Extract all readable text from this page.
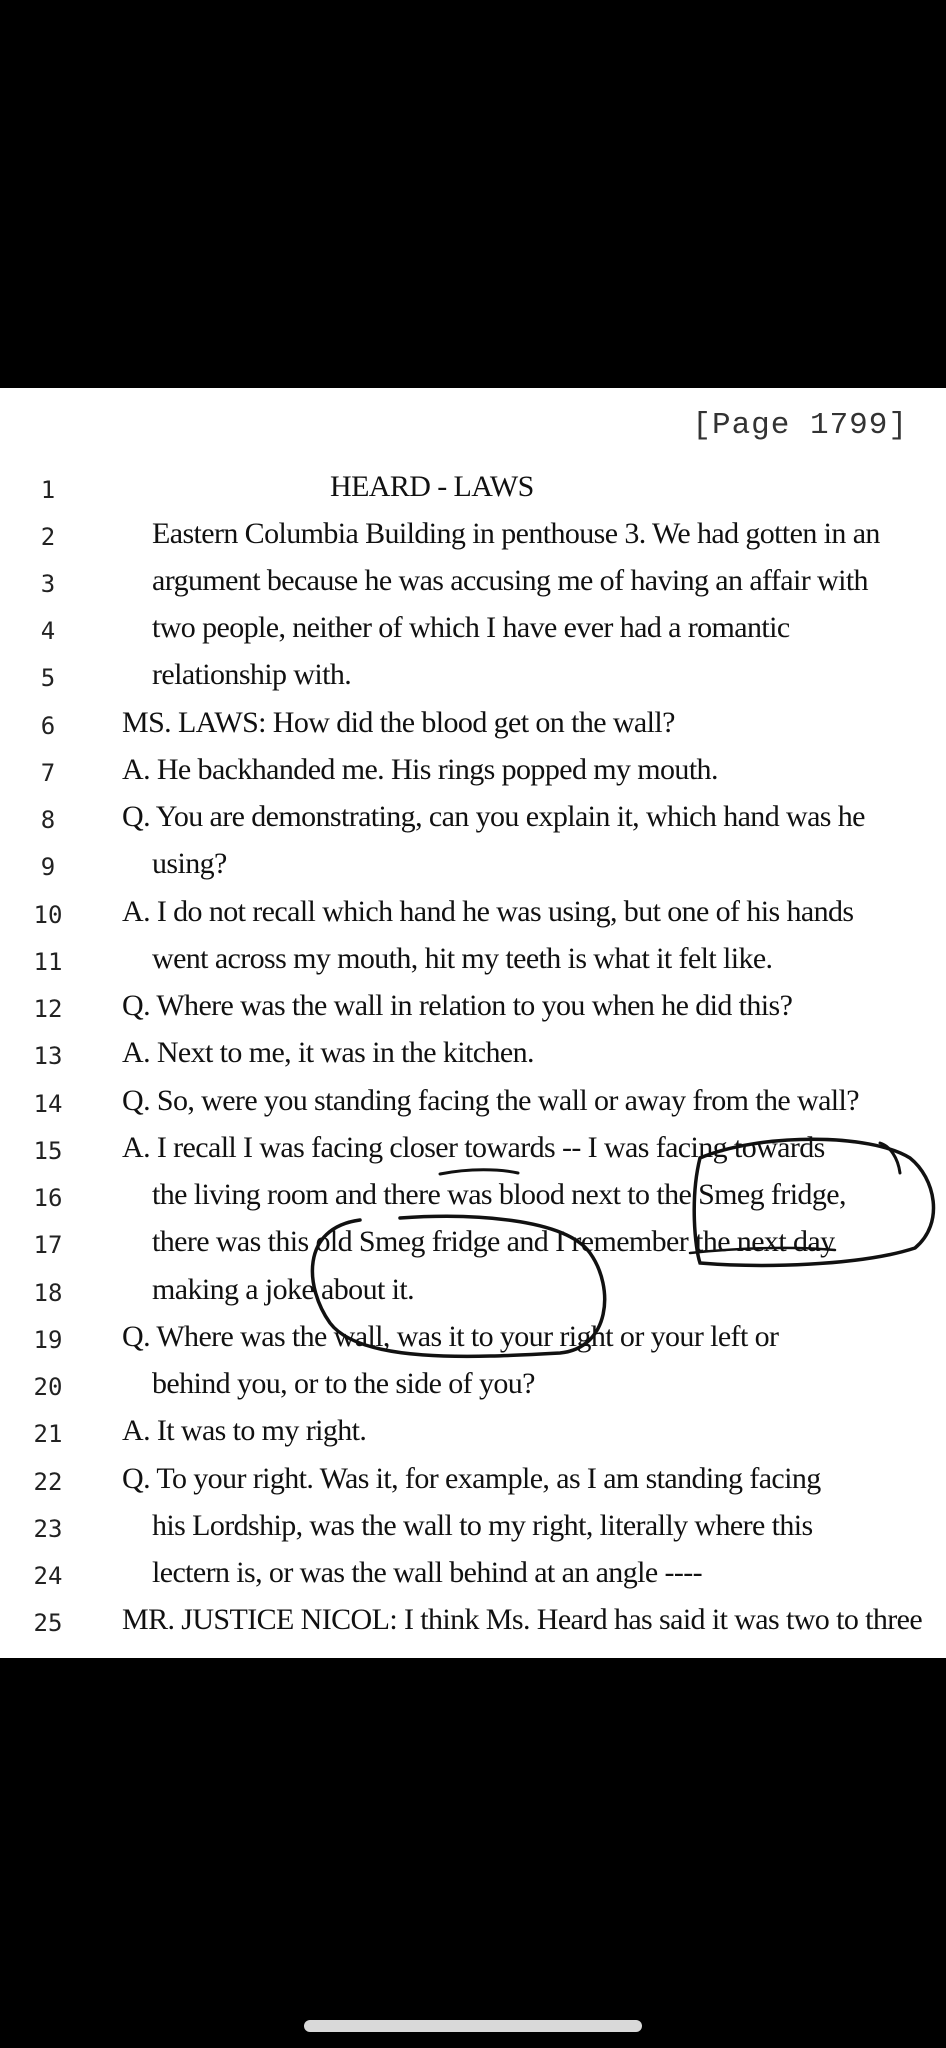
[Page 1799]
1	HEARD - LAWS
2	Eastern Columbia Building in penthouse 3. We had gotten in an
3	argument because he was accusing me of having an affair with
4	two people, neither of which I have ever had a romantic
5	relationship with.
6	MS. LAWS: How did the blood get on the wall?
7	A. He backhanded me. His rings popped my mouth.
8	Q. You are demonstrating, can you explain it, which hand was he
9	using?
10	A. I do not recall which hand he was using, but one of his hands
11	went across my mouth, hit my teeth is what it felt like.
12	Q. Where was the wall in relation to you when he did this?
13	A. Next to me, it was in the kitchen.
14	Q. So, were you standing facing the wall or away from the wall?
15	A. I recall I was facing closer towards -- I was facing towards
16	the living room and there was blood next to the Smeg fridge,
17	there was this old Smeg fridge and I remember the next day
18	making a joke about it.
19	Q. Where was the wall, was it to your right or your left or
20	behind you, or to the side of you?
21	A. It was to my right.
22	Q. To your right. Was it, for example, as I am standing facing
23	his Lordship, was the wall to my right, literally where this
24	lectern is, or was the wall behind at an angle ----
25	MR. JUSTICE NICOL: I think Ms. Heard has said it was two to three
